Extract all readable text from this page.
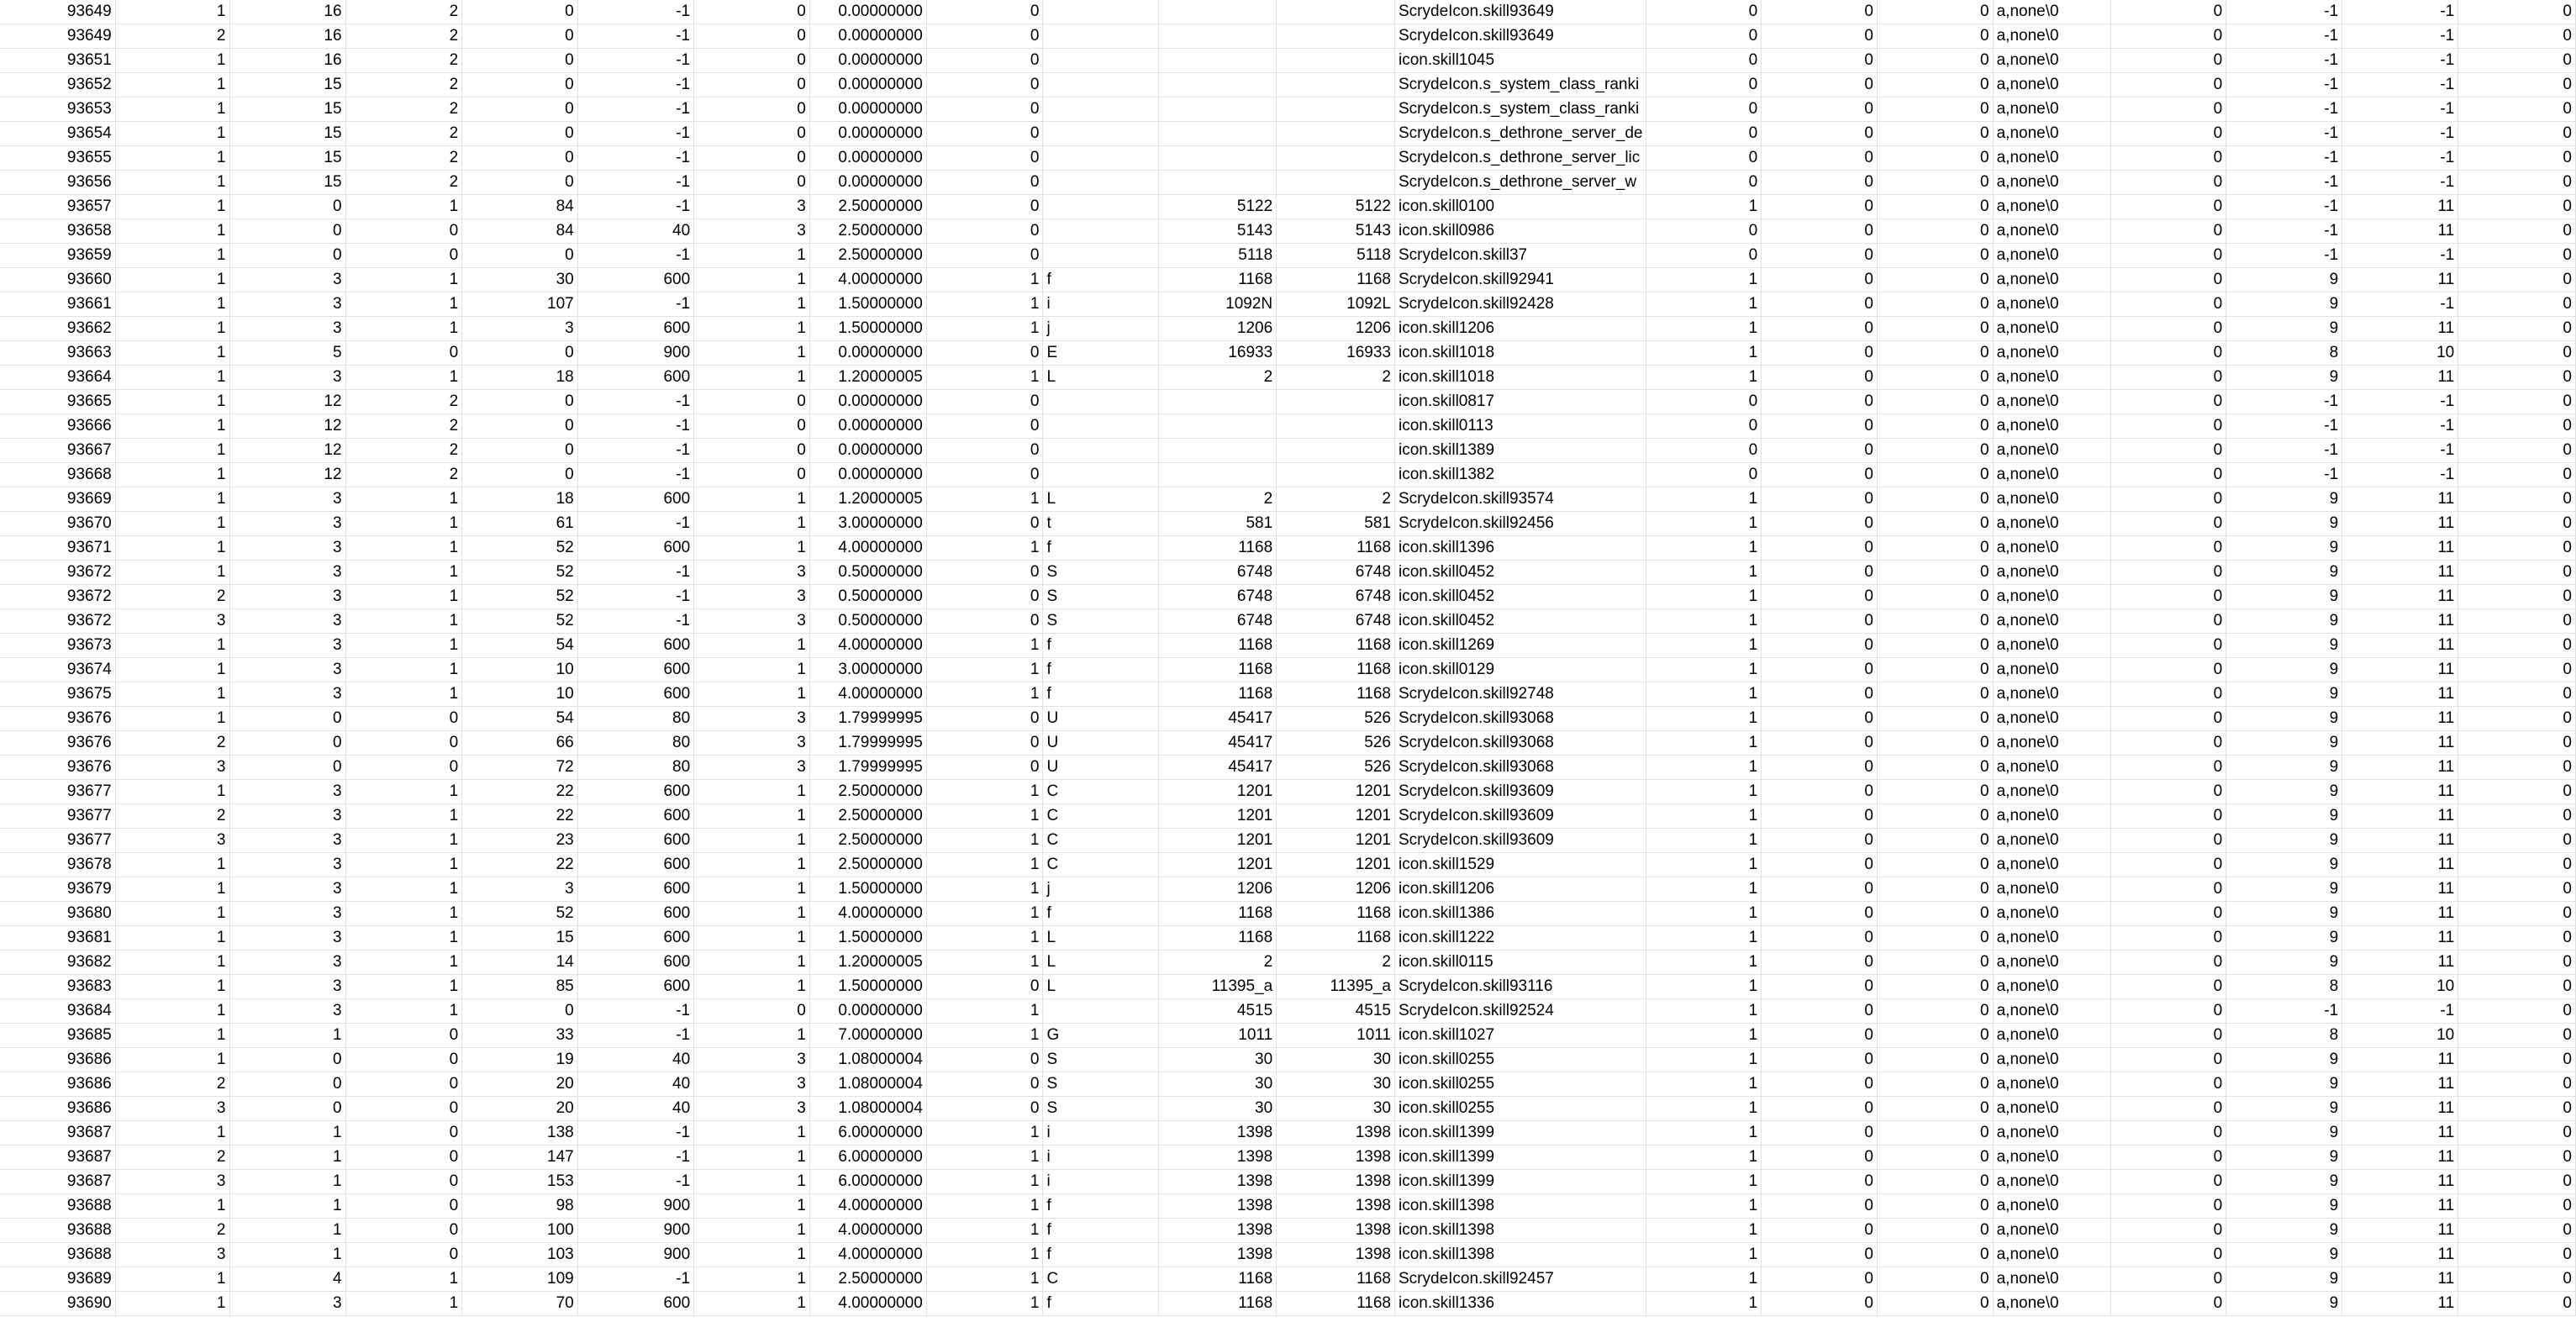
93649	1	16	2	0	-1	0	0.00000000	0				ScrydeIcon.skill93649	0	0	0	a,none\0	0	-1	-1	0
93649	2	16	2	0	-1	0	0.00000000	0				ScrydeIcon.skill93649	0	0	0	a,none\0	0	-1	-1	0
93651	1	16	2	0	-1	0	0.00000000	0				icon.skill1045	0	0	0	a,none\0	0	-1	-1	0
93652	1	15	2	0	-1	0	0.00000000	0				ScrydeIcon.s_system_class_ranki	0	0	0	a,none\0	0	-1	-1	0
93653	1	15	2	0	-1	0	0.00000000	0				ScrydeIcon.s_system_class_ranki	0	0	0	a,none\0	0	-1	-1	0
93654	1	15	2	0	-1	0	0.00000000	0				ScrydeIcon.s_dethrone_server_de	0	0	0	a,none\0	0	-1	-1	0
93655	1	15	2	0	-1	0	0.00000000	0				ScrydeIcon.s_dethrone_server_lic	0	0	0	a,none\0	0	-1	-1	0
93656	1	15	2	0	-1	0	0.00000000	0				ScrydeIcon.s_dethrone_server_w	0	0	0	a,none\0	0	-1	-1	0
93657	1	0	1	84	-1	3	2.50000000	0		5122	5122	icon.skill0100	1	0	0	a,none\0	0	-1	11	0
93658	1	0	0	84	40	3	2.50000000	0		5143	5143	icon.skill0986	0	0	0	a,none\0	0	-1	11	0
93659	1	0	0	0	-1	1	2.50000000	0		5118	5118	ScrydeIcon.skill37	0	0	0	a,none\0	0	-1	-1	0
93660	1	3	1	30	600	1	4.00000000	1	f	1168	1168	ScrydeIcon.skill92941	1	0	0	a,none\0	0	9	11	0
93661	1	3	1	107	-1	1	1.50000000	1	i	1092N	1092L	ScrydeIcon.skill92428	1	0	0	a,none\0	0	9	-1	0
93662	1	3	1	3	600	1	1.50000000	1	j	1206	1206	icon.skill1206	1	0	0	a,none\0	0	9	11	0
93663	1	5	0	0	900	1	0.00000000	0	E	16933	16933	icon.skill1018	1	0	0	a,none\0	0	8	10	0
93664	1	3	1	18	600	1	1.20000005	1	L	2	2	icon.skill1018	1	0	0	a,none\0	0	9	11	0
93665	1	12	2	0	-1	0	0.00000000	0				icon.skill0817	0	0	0	a,none\0	0	-1	-1	0
93666	1	12	2	0	-1	0	0.00000000	0				icon.skill0113	0	0	0	a,none\0	0	-1	-1	0
93667	1	12	2	0	-1	0	0.00000000	0				icon.skill1389	0	0	0	a,none\0	0	-1	-1	0
93668	1	12	2	0	-1	0	0.00000000	0				icon.skill1382	0	0	0	a,none\0	0	-1	-1	0
93669	1	3	1	18	600	1	1.20000005	1	L	2	2	ScrydeIcon.skill93574	1	0	0	a,none\0	0	9	11	0
93670	1	3	1	61	-1	1	3.00000000	0	t	581	581	ScrydeIcon.skill92456	1	0	0	a,none\0	0	9	11	0
93671	1	3	1	52	600	1	4.00000000	1	f	1168	1168	icon.skill1396	1	0	0	a,none\0	0	9	11	0
93672	1	3	1	52	-1	3	0.50000000	0	S	6748	6748	icon.skill0452	1	0	0	a,none\0	0	9	11	0
93672	2	3	1	52	-1	3	0.50000000	0	S	6748	6748	icon.skill0452	1	0	0	a,none\0	0	9	11	0
93672	3	3	1	52	-1	3	0.50000000	0	S	6748	6748	icon.skill0452	1	0	0	a,none\0	0	9	11	0
93673	1	3	1	54	600	1	4.00000000	1	f	1168	1168	icon.skill1269	1	0	0	a,none\0	0	9	11	0
93674	1	3	1	10	600	1	3.00000000	1	f	1168	1168	icon.skill0129	1	0	0	a,none\0	0	9	11	0
93675	1	3	1	10	600	1	4.00000000	1	f	1168	1168	ScrydeIcon.skill92748	1	0	0	a,none\0	0	9	11	0
93676	1	0	0	54	80	3	1.79999995	0	U	45417	526	ScrydeIcon.skill93068	1	0	0	a,none\0	0	9	11	0
93676	2	0	0	66	80	3	1.79999995	0	U	45417	526	ScrydeIcon.skill93068	1	0	0	a,none\0	0	9	11	0
93676	3	0	0	72	80	3	1.79999995	0	U	45417	526	ScrydeIcon.skill93068	1	0	0	a,none\0	0	9	11	0
93677	1	3	1	22	600	1	2.50000000	1	C	1201	1201	ScrydeIcon.skill93609	1	0	0	a,none\0	0	9	11	0
93677	2	3	1	22	600	1	2.50000000	1	C	1201	1201	ScrydeIcon.skill93609	1	0	0	a,none\0	0	9	11	0
93677	3	3	1	23	600	1	2.50000000	1	C	1201	1201	ScrydeIcon.skill93609	1	0	0	a,none\0	0	9	11	0
93678	1	3	1	22	600	1	2.50000000	1	C	1201	1201	icon.skill1529	1	0	0	a,none\0	0	9	11	0
93679	1	3	1	3	600	1	1.50000000	1	j	1206	1206	icon.skill1206	1	0	0	a,none\0	0	9	11	0
93680	1	3	1	52	600	1	4.00000000	1	f	1168	1168	icon.skill1386	1	0	0	a,none\0	0	9	11	0
93681	1	3	1	15	600	1	1.50000000	1	L	1168	1168	icon.skill1222	1	0	0	a,none\0	0	9	11	0
93682	1	3	1	14	600	1	1.20000005	1	L	2	2	icon.skill0115	1	0	0	a,none\0	0	9	11	0
93683	1	3	1	85	600	1	1.50000000	0	L	11395_a	11395_a	ScrydeIcon.skill93116	1	0	0	a,none\0	0	8	10	0
93684	1	3	1	0	-1	0	0.00000000	1		4515	4515	ScrydeIcon.skill92524	1	0	0	a,none\0	0	-1	-1	0
93685	1	1	0	33	-1	1	7.00000000	1	G	1011	1011	icon.skill1027	1	0	0	a,none\0	0	8	10	0
93686	1	0	0	19	40	3	1.08000004	0	S	30	30	icon.skill0255	1	0	0	a,none\0	0	9	11	0
93686	2	0	0	20	40	3	1.08000004	0	S	30	30	icon.skill0255	1	0	0	a,none\0	0	9	11	0
93686	3	0	0	20	40	3	1.08000004	0	S	30	30	icon.skill0255	1	0	0	a,none\0	0	9	11	0
93687	1	1	0	138	-1	1	6.00000000	1	i	1398	1398	icon.skill1399	1	0	0	a,none\0	0	9	11	0
93687	2	1	0	147	-1	1	6.00000000	1	i	1398	1398	icon.skill1399	1	0	0	a,none\0	0	9	11	0
93687	3	1	0	153	-1	1	6.00000000	1	i	1398	1398	icon.skill1399	1	0	0	a,none\0	0	9	11	0
93688	1	1	0	98	900	1	4.00000000	1	f	1398	1398	icon.skill1398	1	0	0	a,none\0	0	9	11	0
93688	2	1	0	100	900	1	4.00000000	1	f	1398	1398	icon.skill1398	1	0	0	a,none\0	0	9	11	0
93688	3	1	0	103	900	1	4.00000000	1	f	1398	1398	icon.skill1398	1	0	0	a,none\0	0	9	11	0
93689	1	4	1	109	-1	1	2.50000000	1	C	1168	1168	ScrydeIcon.skill92457	1	0	0	a,none\0	0	9	11	0
93690	1	3	1	70	600	1	4.00000000	1	f	1168	1168	icon.skill1336	1	0	0	a,none\0	0	9	11	0
